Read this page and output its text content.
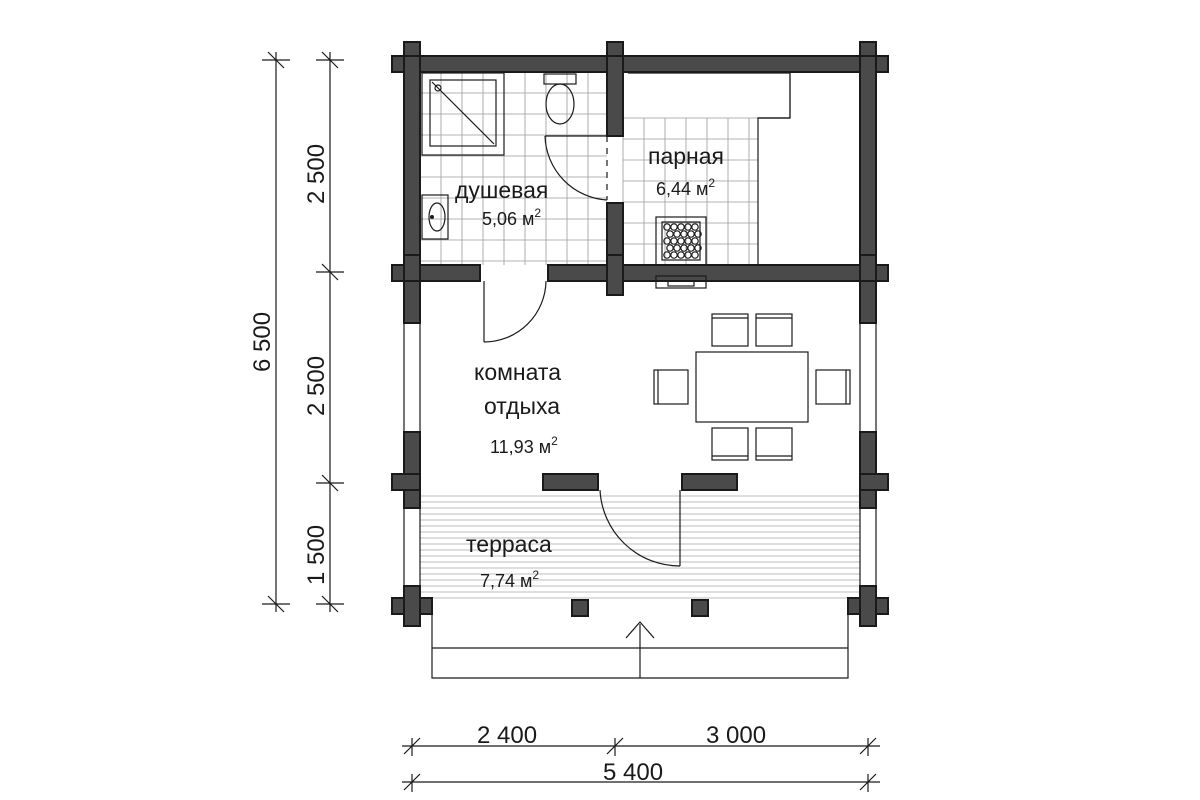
душевая
5,06 $м^2$
парная
6,44 $м^2$
комната
отдыха
11,93 $м^2$
терраса
7,74 $м^2$
6 500
2 500
2 500
1 500
2 400	3 000
5 400
